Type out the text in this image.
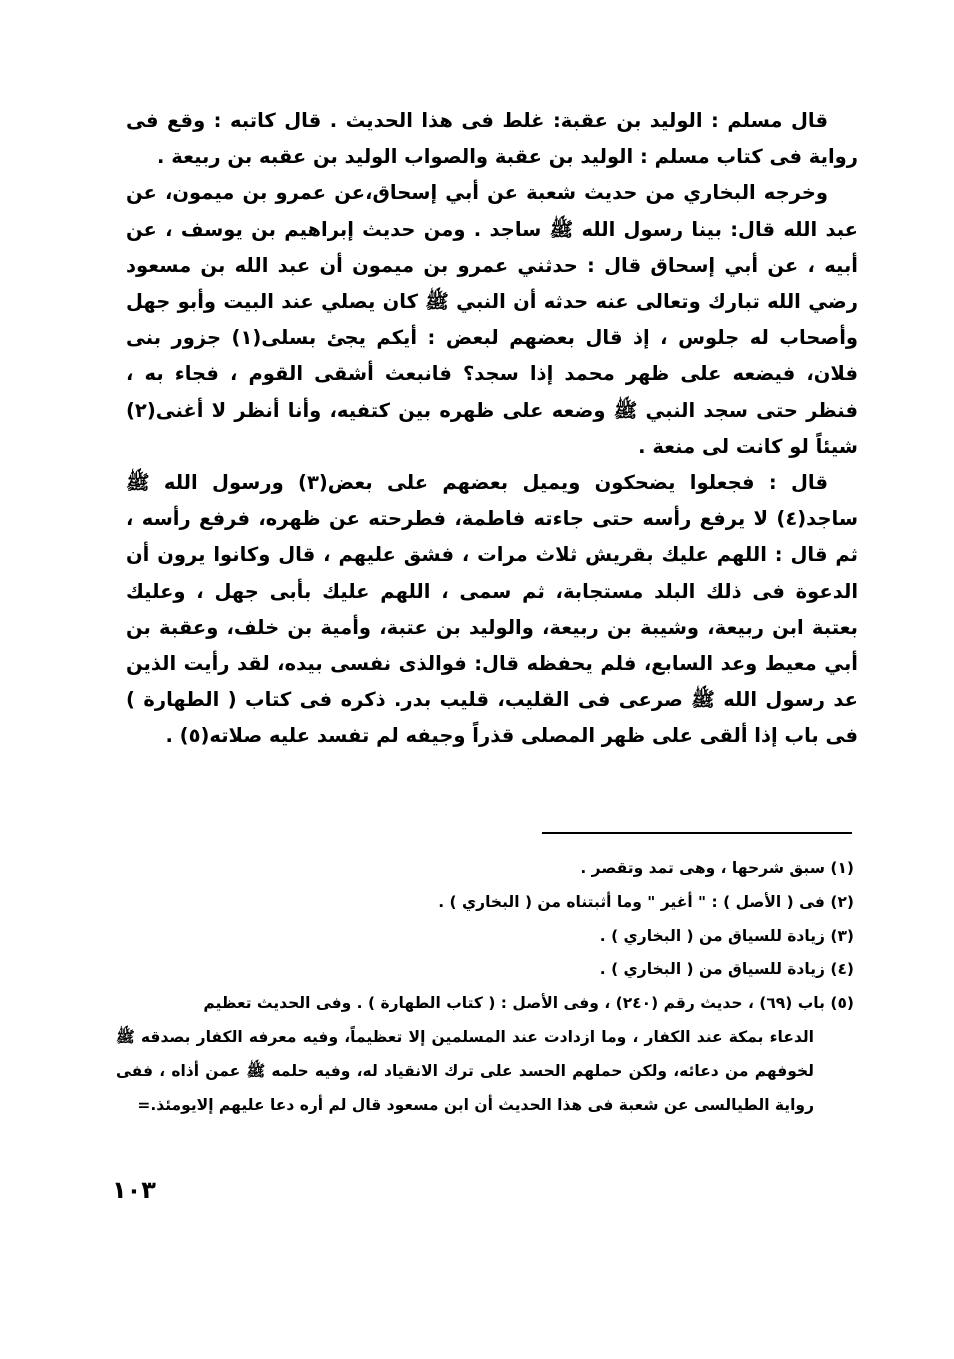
قال مسلم : الوليد بن عقبة: غلط فى هذا الحديث . قال كاتبه : وقع فى رواية فى كتاب مسلم : الوليد بن عقبة والصواب الوليد بن عقبه بن ربيعة .

وخرجه البخاري من حديث شعبة عن أبي إسحاق،عن عمرو بن ميمون، عن عبد الله قال: بينا رسول الله ﷺ ساجد . ومن حديث إبراهيم بن يوسف ، عن أبيه ، عن أبي إسحاق قال : حدثني عمرو بن ميمون أن عبد الله بن مسعود رضي الله تبارك وتعالى عنه حدثه أن النبي ﷺ كان يصلي عند البيت وأبو جهل وأصحاب له جلوس ، إذ قال بعضهم لبعض : أيكم يجئ بسلى(١) جزور بنى فلان، فيضعه على ظهر محمد إذا سجد؟ فانبعث أشقى القوم ، فجاء به ، فنظر حتى سجد النبي ﷺ وضعه على ظهره بين كتفيه، وأنا أنظر لا أغنى(٢) شيئاً لو كانت لى منعة .

قال : فجعلوا يضحكون ويميل بعضهم على بعض(٣) ورسول الله ﷺ ساجد(٤) لا يرفع رأسه حتى جاءته فاطمة، فطرحته عن ظهره، فرفع رأسه ، ثم قال : اللهم عليك بقريش ثلاث مرات ، فشق عليهم ، قال وكانوا يرون أن الدعوة فى ذلك البلد مستجابة، ثم سمى ، اللهم عليك بأبى جهل ، وعليك بعتبة ابن ربيعة، وشيبة بن ربيعة، والوليد بن عتبة، وأمية بن خلف، وعقبة بن أبي معيط وعد السابع، فلم يحفظه قال: فوالذى نفسى بيده، لقد رأيت الذين عد رسول الله ﷺ صرعى فى القليب، قليب بدر. ذكره فى كتاب ( الطهارة ) فى باب إذا ألقى على ظهر المصلى قذراً وجيفه لم تفسد عليه صلاته(٥) .

(١) سبق شرحها ، وهى تمد وتقصر .

(٢) فى ( الأصل ) : " أغير " وما أثبتناه من ( البخاري ) .

(٣) زيادة للسياق من ( البخاري ) .

(٤) زيادة للسياق من ( البخاري ) .

(٥) باب (٦٩) ، حديث رقم (٢٤٠) ، وفى الأصل : ( كتاب الطهارة ) . وفى الحديث تعظيم
الدعاء بمكة عند الكفار ، وما ازدادت عند المسلمين إلا تعظيماً، وفيه معرفه الكفار بصدقه ﷺ لخوفهم من دعائه، ولكن حملهم الحسد على ترك الانقياد له، وفيه حلمه ﷺ عمن أذاه ، ففى رواية الطيالسى عن شعبة فى هذا الحديث أن ابن مسعود قال لم أره دعا عليهم إلايومئذ.=

١٠٣
